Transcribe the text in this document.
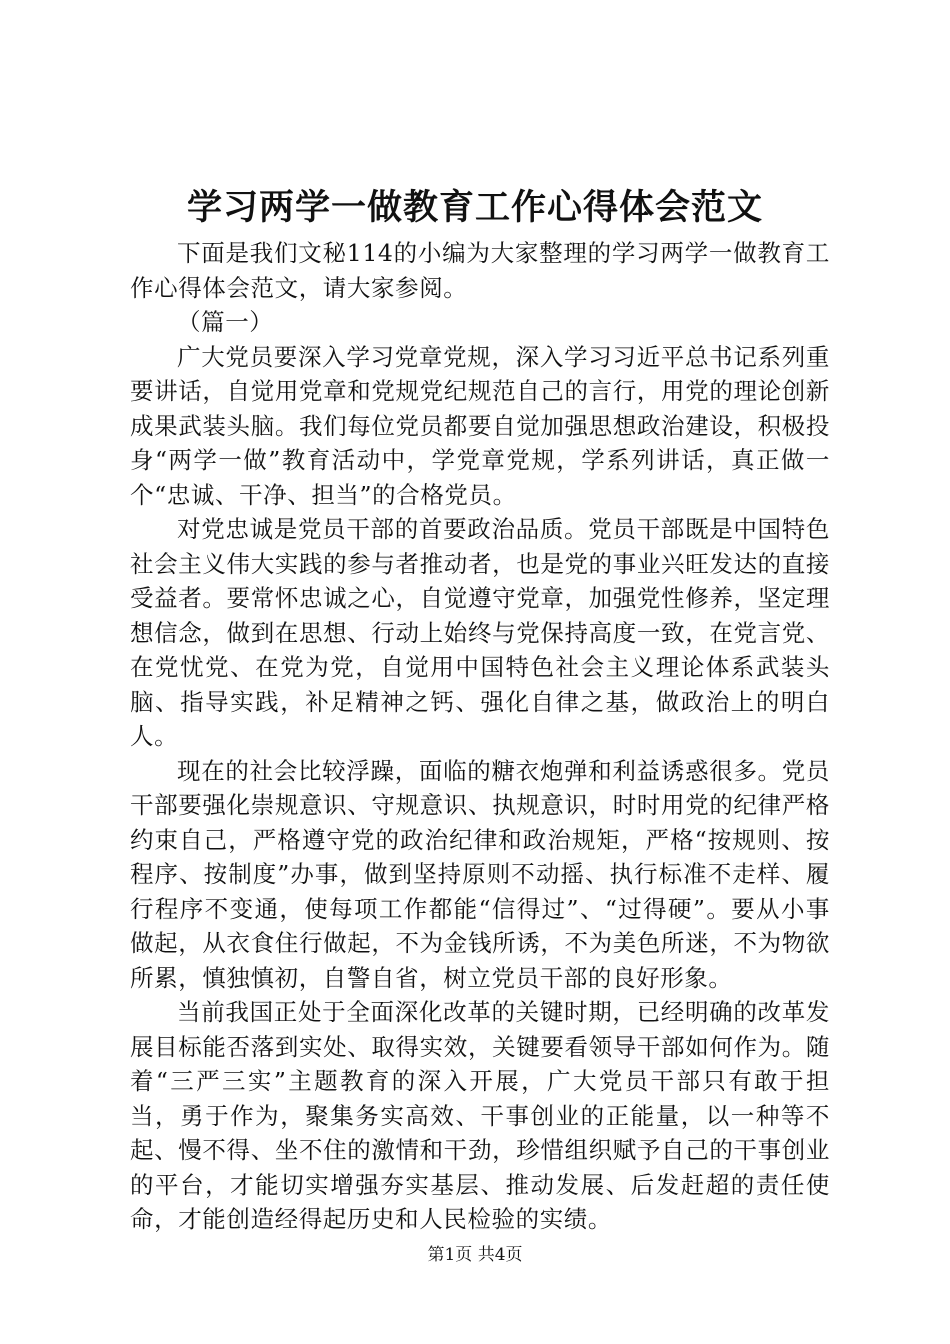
学习两学一做教育工作心得体会范文

下面是我们文秘114的小编为大家整理的学习两学一做教育工作心得体会范文，请大家参阅。

（篇一）

广大党员要深入学习党章党规，深入学习习近平总书记系列重要讲话，自觉用党章和党规党纪规范自己的言行，用党的理论创新成果武装头脑。我们每位党员都要自觉加强思想政治建设，积极投身“两学一做”教育活动中，学党章党规，学系列讲话，真正做一个“忠诚、干净、担当”的合格党员。

对党忠诚是党员干部的首要政治品质。党员干部既是中国特色社会主义伟大实践的参与者推动者，也是党的事业兴旺发达的直接受益者。要常怀忠诚之心，自觉遵守党章，加强党性修养，坚定理想信念，做到在思想、行动上始终与党保持高度一致，在党言党、在党忧党、在党为党，自觉用中国特色社会主义理论体系武装头脑、指导实践，补足精神之钙、强化自律之基，做政治上的明白人。

现在的社会比较浮躁，面临的糖衣炮弹和利益诱惑很多。党员干部要强化崇规意识、守规意识、执规意识，时时用党的纪律严格约束自己，严格遵守党的政治纪律和政治规矩，严格“按规则、按程序、按制度”办事，做到坚持原则不动摇、执行标准不走样、履行程序不变通，使每项工作都能“信得过”、“过得硬”。要从小事做起，从衣食住行做起，不为金钱所诱，不为美色所迷，不为物欲所累，慎独慎初，自警自省，树立党员干部的良好形象。

当前我国正处于全面深化改革的关键时期，已经明确的改革发展目标能否落到实处、取得实效，关键要看领导干部如何作为。随着“三严三实”主题教育的深入开展，广大党员干部只有敢于担当，勇于作为，聚集务实高效、干事创业的正能量，以一种等不起、慢不得、坐不住的激情和干劲，珍惜组织赋予自己的干事创业的平台，才能切实增强夯实基层、推动发展、后发赶超的责任使命，才能创造经得起历史和人民检验的实绩。

第1页 共4页
